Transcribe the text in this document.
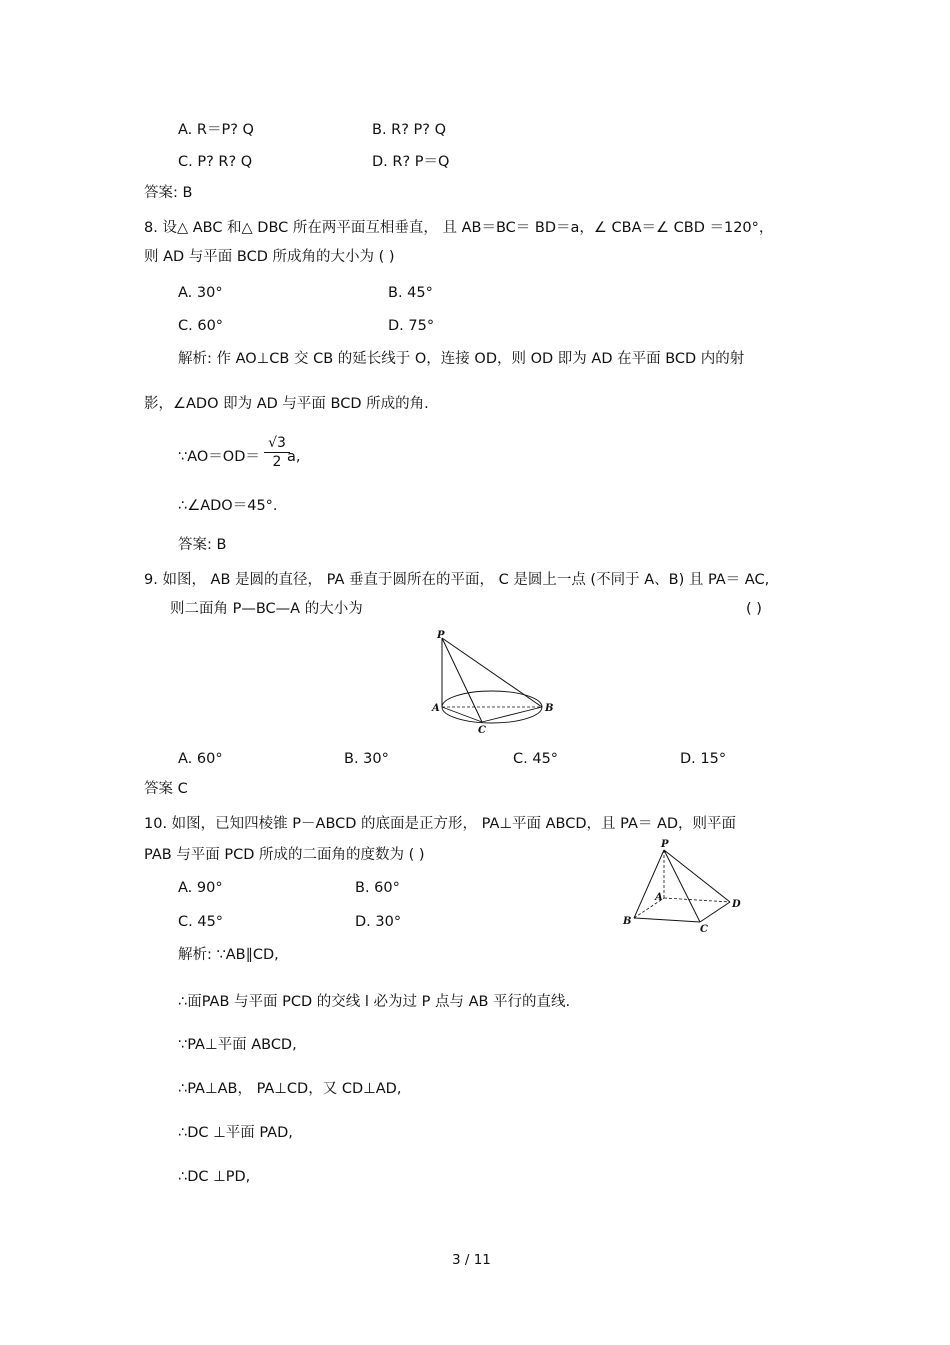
A. R＝P? Q	B. R? P? Q
C. P? R? Q	D. R? P＝Q
答案: B
8. 设△ ABC 和△ DBC 所在两平面互相垂直， 且 AB＝BC＝ BD＝a，∠ CBA＝∠ CBD ＝120°，
则 AD 与平面 BCD 所成角的大小为 ( )
A. 30°	B. 45°
C. 60°	D. 75°
解析: 作 AO⊥CB 交 CB 的延长线于 O，连接 OD，则 OD 即为 AD 在平面 BCD 内的射
影，∠ADO 即为 AD 与平面 BCD 所成的角.
∵AO＝OD＝ $\frac{√3}{2}$
a,
∴∠ADO＝45°.
答案: B
9. 如图， AB 是圆的直径， PA 垂直于圆所在的平面， C 是圆上一点 (不同于 A、B) 且 PA＝ AC,
则二面角 P—BC—A 的大小为	( )
P
A	B
C
A. 60°	B. 30°	C. 45°	D. 15°
答案 C
10. 如图，已知四棱锥 P－ABCD 的底面是正方形， PA⊥平面 ABCD，且 PA＝ AD，则平面
PAB 与平面 PCD 所成的二面角的度数为 ( )
A. 90°	B. 60°
C. 45°	D. 30°
P
A
B
C
D
解析: ∵AB∥CD,
∴面PAB 与平面 PCD 的交线 l 必为过 P 点与 AB 平行的直线.
∵PA⊥平面 ABCD,
∴PA⊥AB， PA⊥CD，又 CD⊥AD,
∴DC ⊥平面 PAD,
∴DC ⊥PD,
3 / 11
